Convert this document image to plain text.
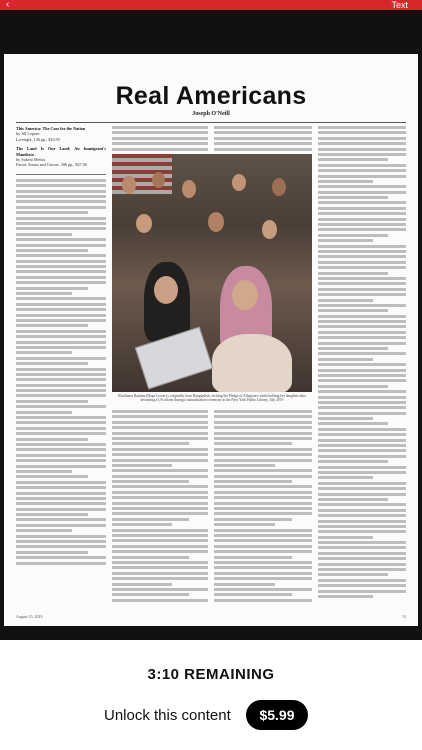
‹	Text
Real Americans
Joseph O'Neill
This America: The Case for the Nation
by Jill Lepore.
Liveright, 136 pp., $16.95
The Land Is Our Land: An Immigrant's Manifesto
by Suketu Mehta.
Farrar, Straus and Giroux, 306 pp., $27.00
Khadiatou Barkatu (Hope Lowery), originally from Bangladesh, reciting the Pledge of Allegiance while holding her daughter after becoming a US citizen during a naturalization ceremony at the New York Public Library, July 2019
August 15, 2019	13
3:10 REMAINING
Unlock this content	$5.99
